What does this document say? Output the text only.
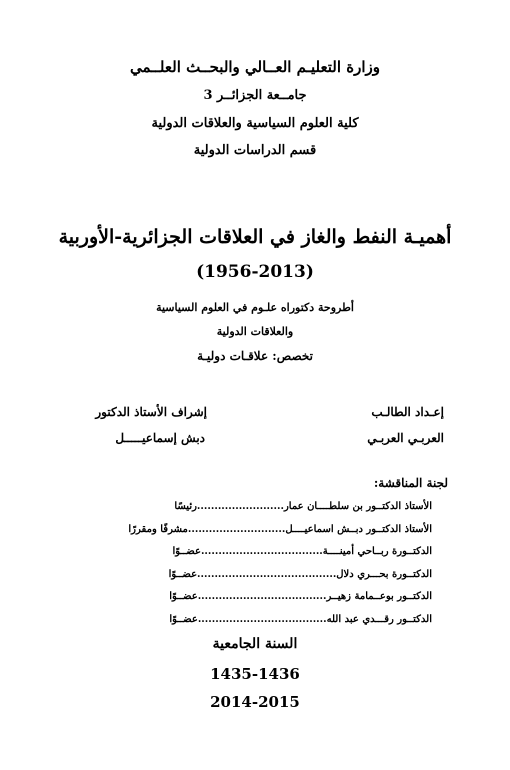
وزارة التعليـم العــالي والبحــث العلــمي
جامــعة الجزائــر 3
كلية العلوم السياسية والعلاقات الدولية
قسم الدراسات الدولية
أهميـة النفط والغاز في العلاقات الجزائرية-الأوربية
(1956-2013)
أطروحة دكتوراه علـوم في العلوم السياسية
والعلاقات الدولية
تخصص: علاقـات دوليـة
إعـداد الطالـب
العربـي العربـي
إشراف الأستاذ الدكتور
دبش إسماعيـــــل
لجنة المناقشة:
الأستاذ الدكتــور بن سلطــــان عمار.........................رئيسًا
الأستاذ الدكتــور دبــش اسماعيــــل............................مشرفًا ومقررًا
الدكتــورة ربــاحي أمينــــة...................................عضــوًا
الدكتــورة بحـــري دلال........................................عضــوًا
الدكتــور بوعــمامة زهيــر.....................................عضــوًا
الدكتــور رقـــدي عبد الله.....................................عضــوًا
السنة الجامعية
1435-1436
2014-2015
